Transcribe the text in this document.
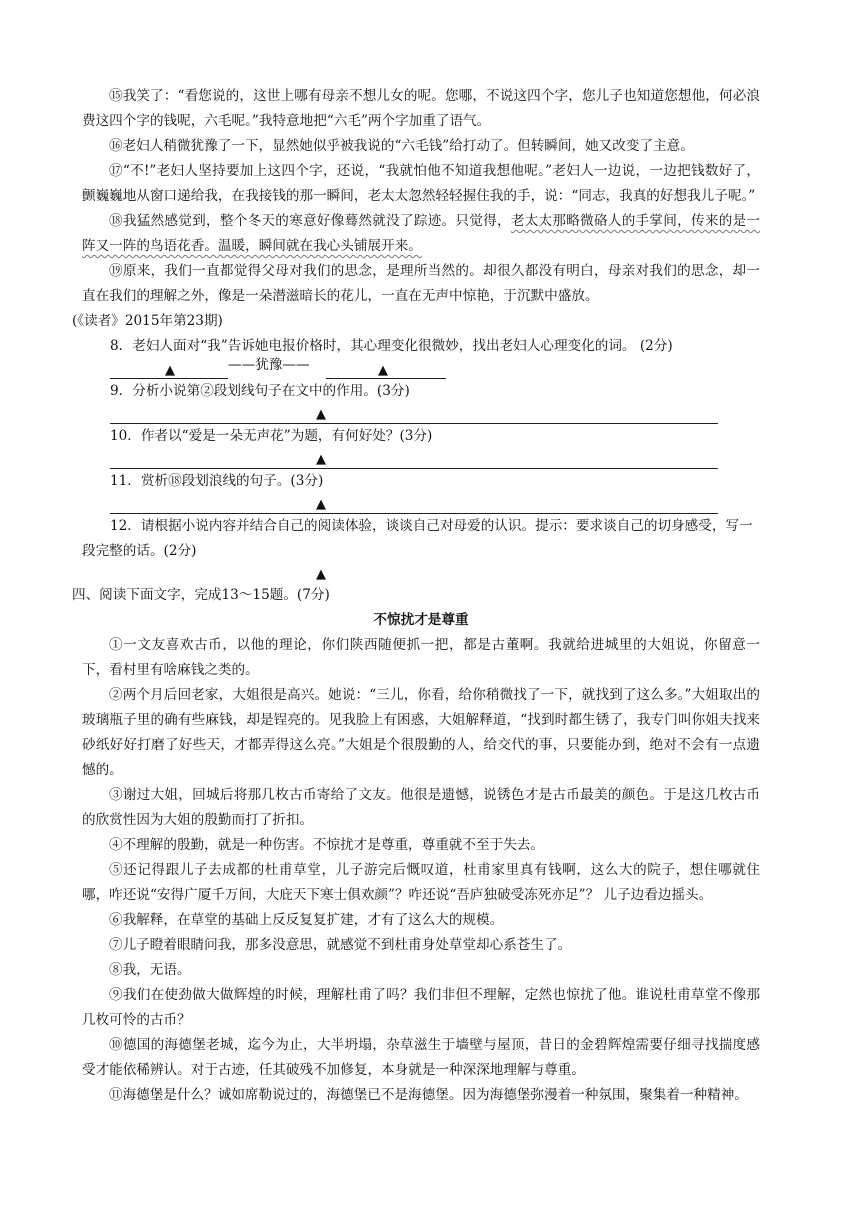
⑮我笑了：“看您说的，这世上哪有母亲不想儿女的呢。您哪，不说这四个字，您儿子也知道您想他，何必浪费这四个字的钱呢，六毛呢。”我特意地把“六毛”两个字加重了语气。

⑯老妇人稍微犹豫了一下，显然她似乎被我说的“六毛钱”给打动了。但转瞬间，她又改变了主意。

⑰“不!”老妇人坚持要加上这四个字，还说，“我就怕他不知道我想他呢。”老妇人一边说，一边把钱数好了，颤巍巍地从窗口递给我，在我接钱的那一瞬间，老太太忽然轻轻握住我的手，说：“同志，我真的好想我儿子呢。”

⑱我猛然感觉到，整个冬天的寒意好像蓦然就没了踪迹。只觉得，老太太那略微硌人的手掌间，传来的是一阵又一阵的鸟语花香。温暖，瞬间就在我心头铺展开来。

⑲原来，我们一直都觉得父母对我们的思念，是理所当然的。却很久都没有明白，母亲对我们的思念，却一直在我们的理解之外，像是一朵潜滋暗长的花儿，一直在无声中惊艳，于沉默中盛放。

(《读者》2015年第23期)

8．老妇人面对“我”告诉她电报价格时，其心理变化很微妙，找出老妇人心理变化的词。 (2分)

▲	——犹豫——	▲

9．分析小说第②段划线句子在文中的作用。(3分)

▲

10．作者以“爱是一朵无声花”为题，有何好处？(3分)

▲

11．赏析⑱段划浪线的句子。(3分)

▲

12．请根据小说内容并结合自己的阅读体验，谈谈自己对母爱的认识。提示：要求谈自己的切身感受，写一段完整的话。(2分)

▲

四、阅读下面文字，完成13～15题。(7分)

不惊扰才是尊重

①一文友喜欢古币，以他的理论，你们陕西随便抓一把，都是古董啊。我就给进城里的大姐说，你留意一下，看村里有啥麻钱之类的。

②两个月后回老家，大姐很是高兴。她说：“三儿，你看，给你稍微找了一下，就找到了这么多。”大姐取出的玻璃瓶子里的确有些麻钱，却是锃亮的。见我脸上有困惑，大姐解释道，“找到时都生锈了，我专门叫你姐夫找来砂纸好好打磨了好些天，才都弄得这么亮。”大姐是个很殷勤的人，给交代的事，只要能办到，绝对不会有一点遗憾的。

③谢过大姐，回城后将那几枚古币寄给了文友。他很是遗憾，说锈色才是古币最美的颜色。于是这几枚古币的欣赏性因为大姐的殷勤而打了折扣。

④不理解的殷勤，就是一种伤害。不惊扰才是尊重，尊重就不至于失去。

⑤还记得跟儿子去成都的杜甫草堂，儿子游完后慨叹道，杜甫家里真有钱啊，这么大的院子，想住哪就住哪，咋还说“安得广厦千万间，大庇天下寒士俱欢颜”？咋还说“吾庐独破受冻死亦足”？ 儿子边看边摇头。

⑥我解释，在草堂的基础上反反复复扩建，才有了这么大的规模。

⑦儿子瞪着眼睛问我，那多没意思，就感觉不到杜甫身处草堂却心系苍生了。

⑧我，无语。

⑨我们在使劲做大做辉煌的时候，理解杜甫了吗？我们非但不理解，定然也惊扰了他。谁说杜甫草堂不像那几枚可怜的古币？

⑩德国的海德堡老城，迄今为止，大半坍塌，杂草滋生于墙壁与屋顶，昔日的金碧辉煌需要仔细寻找揣度感受才能依稀辨认。对于古迹，任其破残不加修复，本身就是一种深深地理解与尊重。

⑪海德堡是什么？诚如席勒说过的，海德堡已不是海德堡。因为海德堡弥漫着一种氛围，聚集着一种精神。
